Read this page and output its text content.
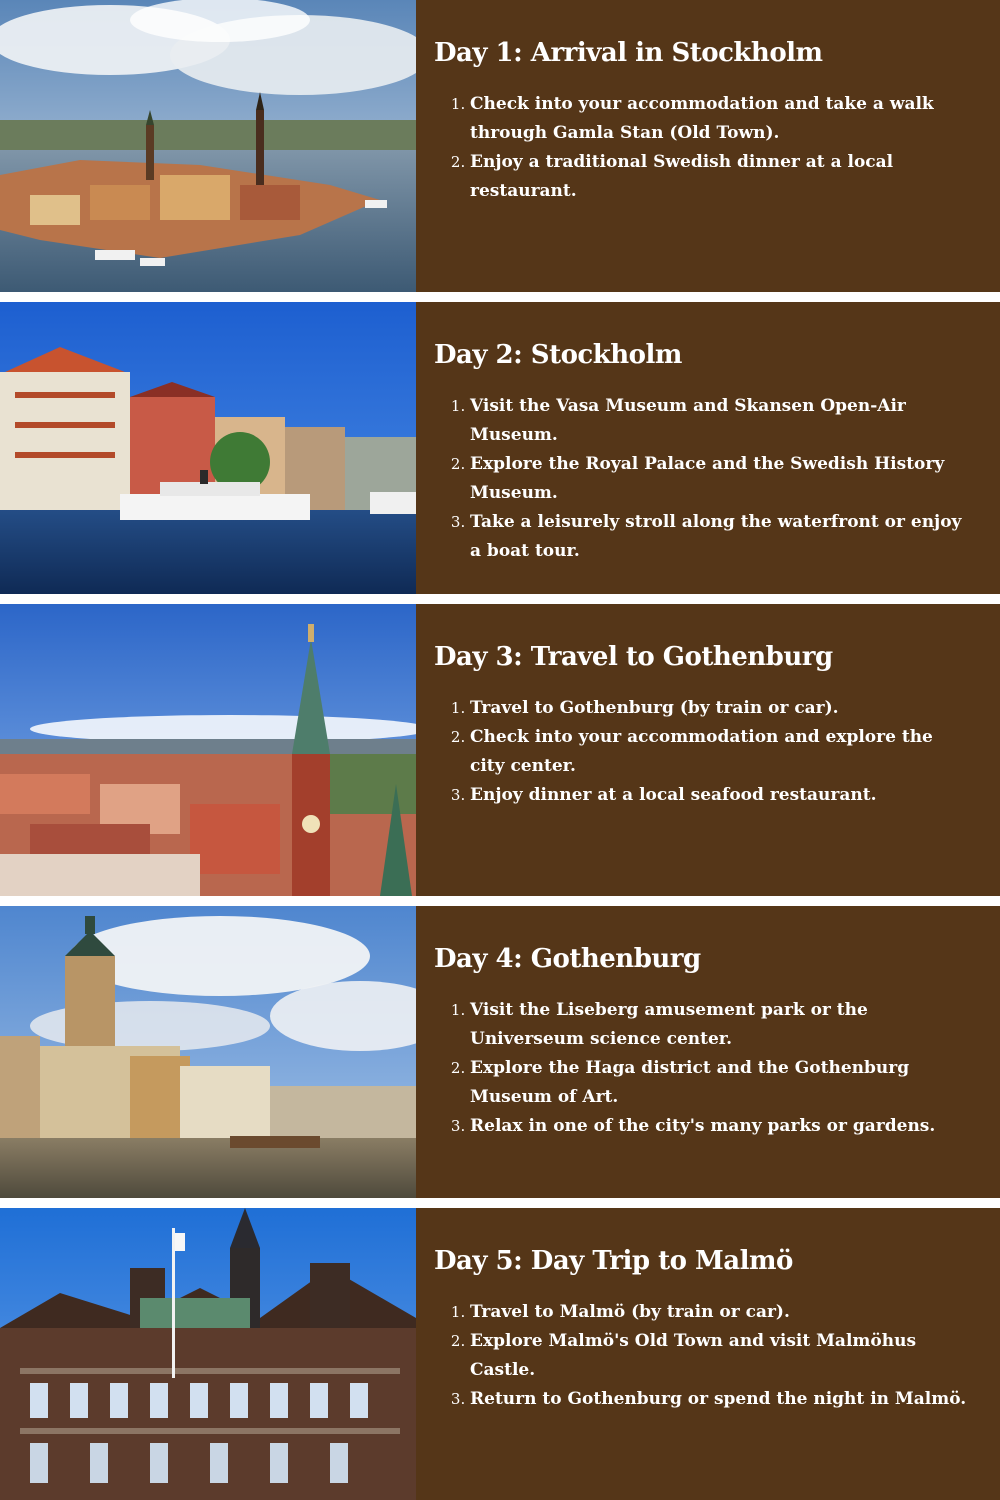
Day 1: Arrival in Stockholm
1. Check into your accommodation and take a walk through Gamla Stan (Old Town).
2. Enjoy a traditional Swedish dinner at a local restaurant.
Day 2: Stockholm
1. Visit the Vasa Museum and Skansen Open-Air Museum.
2. Explore the Royal Palace and the Swedish History Museum.
3. Take a leisurely stroll along the waterfront or enjoy a boat tour.
Day 3: Travel to Gothenburg
1. Travel to Gothenburg (by train or car).
2. Check into your accommodation and explore the city center.
3. Enjoy dinner at a local seafood restaurant.
Day 4: Gothenburg
1. Visit the Liseberg amusement park or the Universeum science center.
2. Explore the Haga district and the Gothenburg Museum of Art.
3. Relax in one of the city's many parks or gardens.
Day 5: Day Trip to Malmö
1. Travel to Malmö (by train or car).
2. Explore Malmö's Old Town and visit Malmöhus Castle.
3. Return to Gothenburg or spend the night in Malmö.
